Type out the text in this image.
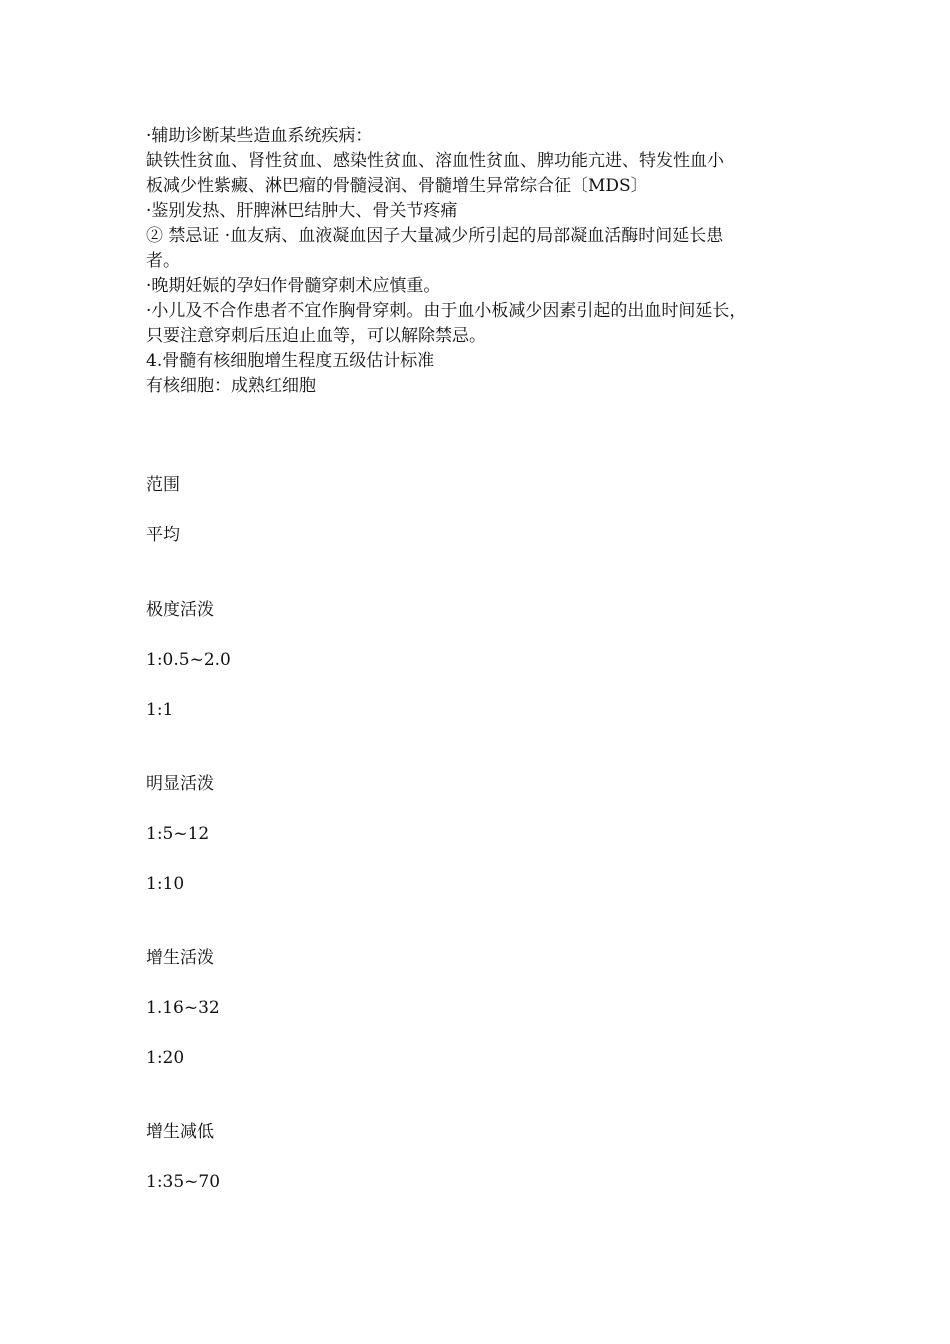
·辅助诊断某些造血系统疾病：
缺铁性贫血、肾性贫血、感染性贫血、溶血性贫血、脾功能亢进、特发性血小
板减少性紫癜、淋巴瘤的骨髓浸润、骨髓增生异常综合征〔MDS〕
·鉴别发热、肝脾淋巴结肿大、骨关节疼痛
② 禁忌证 ·血友病、血液凝血因子大量减少所引起的局部凝血活酶时间延长患
者。
·晚期妊娠的孕妇作骨髓穿刺术应慎重。
·小儿及不合作患者不宜作胸骨穿刺。由于血小板减少因素引起的出血时间延长，
只要注意穿刺后压迫止血等，可以解除禁忌。
4.骨髓有核细胞增生程度五级估计标准
有核细胞：成熟红细胞
范围
平均
极度活泼
1:0.5~2.0
1:1
明显活泼
1:5~12
1:10
增生活泼
1.16~32
1:20
增生减低
1:35~70
